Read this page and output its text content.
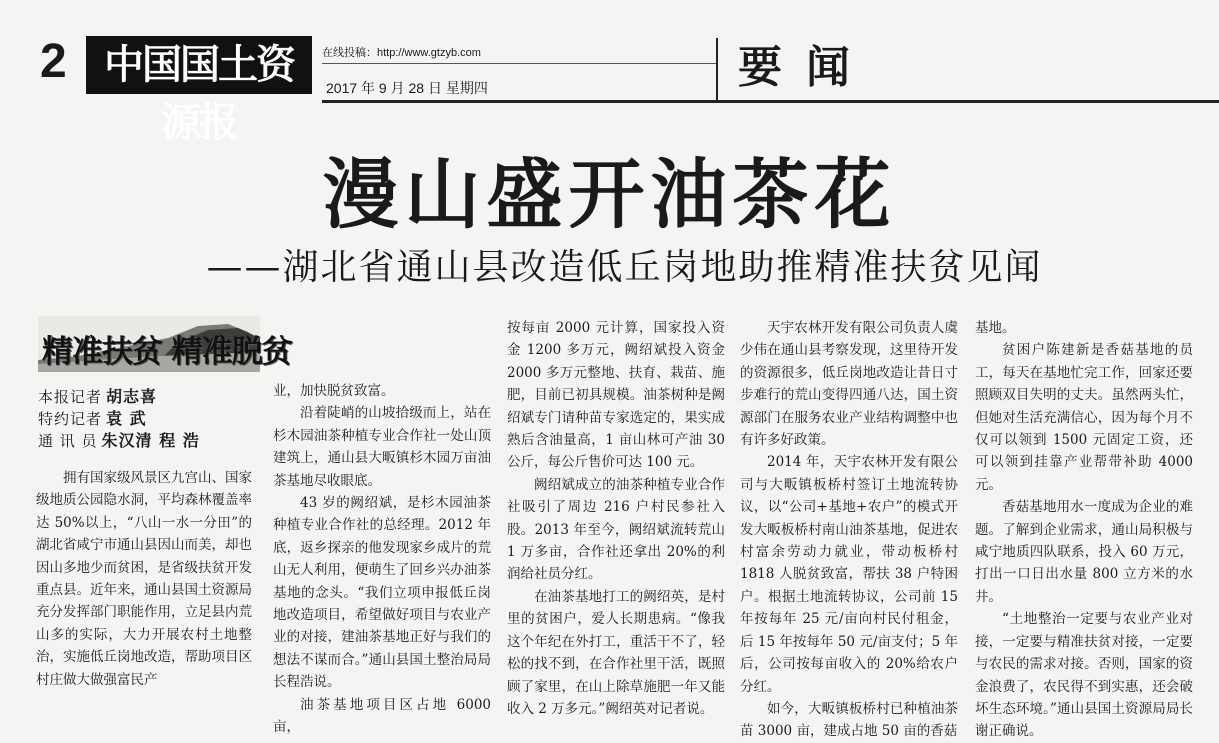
2 中国国土资源报
在线投稿：http://www.gtzyb.com
2017 年 9 月 28 日 星期四	要闻
漫山盛开油茶花
——湖北省通山县改造低丘岗地助推精准扶贫见闻
精准扶贫 精准脱贫
本报记者 胡志喜
特约记者 袁 武
通 讯 员 朱汉清 程 浩

拥有国家级风景区九宫山、国家级地质公园隐水洞，平均森林覆盖率达 50%以上，“八山一水一分田”的湖北省咸宁市通山县因山而美，却也因山多地少而贫困，是省级扶贫开发重点县。近年来，通山县国土资源局充分发挥部门职能作用，立足县内荒山多的实际，大力开展农村土地整治，实施低丘岗地改造，帮助项目区村庄做大做强富民产

业，加快脱贫致富。

沿着陡峭的山坡拾级而上，站在杉木园油茶种植专业合作社一处山顶建筑上，通山县大畈镇杉木园万亩油茶基地尽收眼底。

43 岁的阙绍斌，是杉木园油茶种植专业合作社的总经理。2012 年底，返乡探亲的他发现家乡成片的荒山无人利用，便萌生了回乡兴办油茶基地的念头。“我们立项申报低丘岗地改造项目，希望做好项目与农业产业的对接，建油茶基地正好与我们的想法不谋而合。”通山县国土整治局局长程浩说。

油茶基地项目区占地 6000 亩，

按每亩 2000 元计算，国家投入资金 1200 多万元，阙绍斌投入资金 2000 多万元整地、扶育、栽苗、施肥，目前已初具规模。油茶树种是阙绍斌专门请种苗专家选定的，果实成熟后含油量高，1 亩山林可产油 30 公斤，每公斤售价可达 100 元。

阙绍斌成立的油茶种植专业合作社吸引了周边 216 户村民参社入股。2013 年至今，阙绍斌流转荒山 1 万多亩，合作社还拿出 20%的利润给社员分红。

在油茶基地打工的阙绍英，是村里的贫困户，爱人长期患病。“像我这个年纪在外打工，重活干不了，轻松的找不到，在合作社里干活，既照顾了家里，在山上除草施肥一年又能收入 2 万多元。”阙绍英对记者说。

天宇农林开发有限公司负责人虞少伟在通山县考察发现，这里待开发的资源很多，低丘岗地改造让昔日寸步难行的荒山变得四通八达，国土资源部门在服务农业产业结构调整中也有许多好政策。

2014 年，天宇农林开发有限公司与大畈镇板桥村签订土地流转协议，以“公司+基地+农户”的模式开发大畈板桥村南山油茶基地，促进农村富余劳动力就业，带动板桥村 1818 人脱贫致富，帮扶 38 户特困户。根据土地流转协议，公司前 15 年按每年 25 元/亩向村民付租金，后 15 年按每年 50 元/亩支付；5 年后，公司按每亩收入的 20%给农户分红。

如今，大畈镇板桥村已种植油茶苗 3000 亩，建成占地 50 亩的香菇

基地。

贫困户陈建新是香菇基地的员工，每天在基地忙完工作，回家还要照顾双目失明的丈夫。虽然两头忙，但她对生活充满信心，因为每个月不仅可以领到 1500 元固定工资，还可以领到挂靠产业帮带补助 4000 元。

香菇基地用水一度成为企业的难题。了解到企业需求，通山局积极与咸宁地质四队联系，投入 60 万元，打出一口日出水量 800 立方米的水井。

“土地整治一定要与农业产业对接，一定要与精准扶贫对接，一定要与农民的需求对接。否则，国家的资金浪费了，农民得不到实惠，还会破坏生态环境。”通山县国土资源局局长谢正确说。
